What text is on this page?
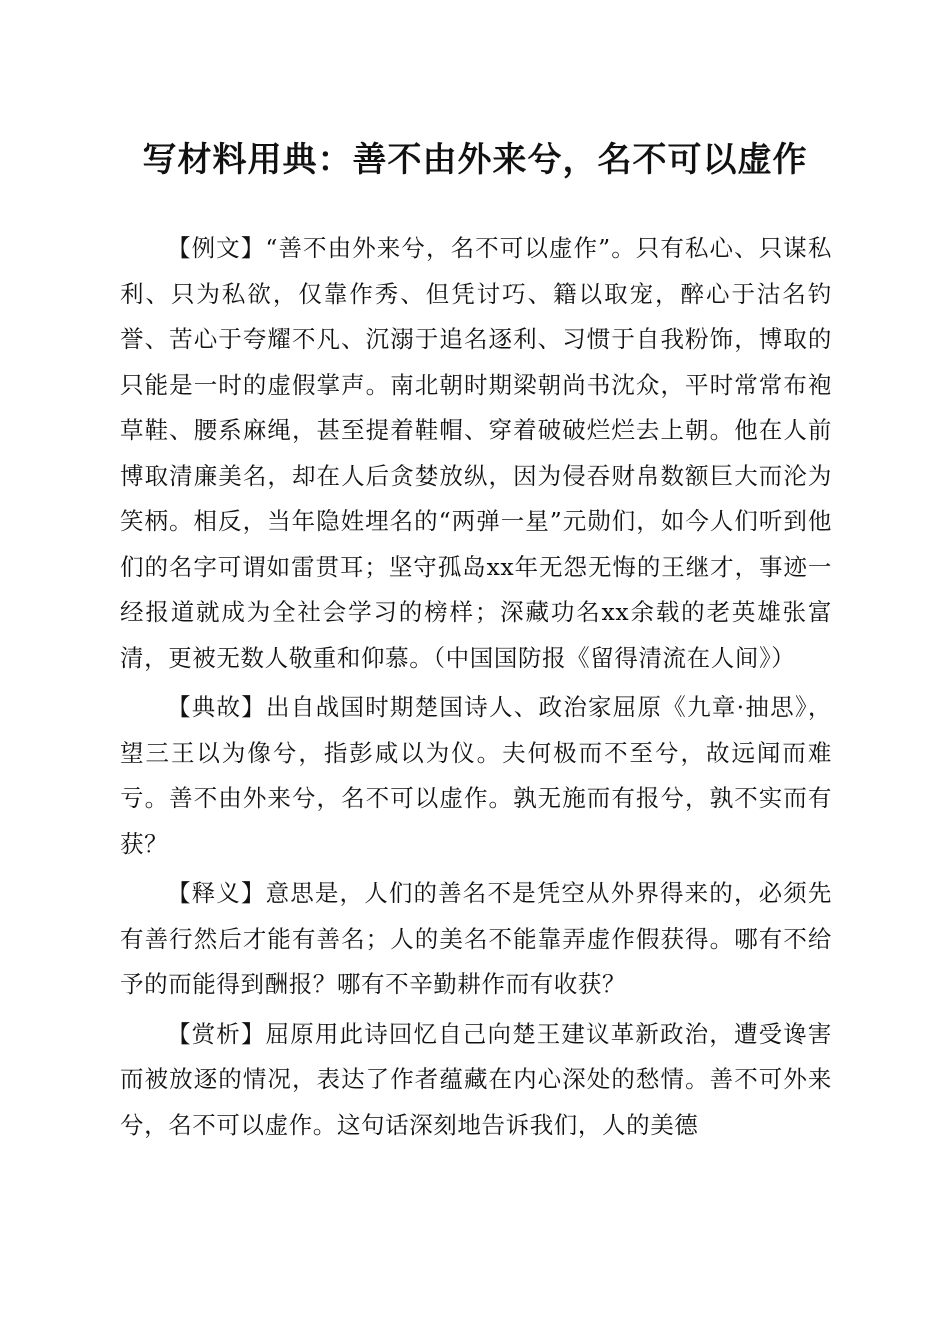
写材料用典：善不由外来兮，名不可以虚作

【例文】“善不由外来兮，名不可以虚作”。只有私心、只谋私利、只为私欲，仅靠作秀、但凭讨巧、籍以取宠，醉心于沽名钓誉、苦心于夸耀不凡、沉溺于追名逐利、习惯于自我粉饰，博取的只能是一时的虚假掌声。南北朝时期梁朝尚书沈众，平时常常布袍草鞋、腰系麻绳，甚至提着鞋帽、穿着破破烂烂去上朝。他在人前博取清廉美名，却在人后贪婪放纵，因为侵吞财帛数额巨大而沦为笑柄。相反，当年隐姓埋名的“两弹一星”元勋们，如今人们听到他们的名字可谓如雷贯耳；坚守孤岛xx年无怨无悔的王继才，事迹一经报道就成为全社会学习的榜样；深藏功名xx余载的老英雄张富清，更被无数人敬重和仰慕。（中国国防报《留得清流在人间》）

【典故】出自战国时期楚国诗人、政治家屈原《九章·抽思》，望三王以为像兮，指彭咸以为仪。夫何极而不至兮，故远闻而难亏。善不由外来兮，名不可以虚作。孰无施而有报兮，孰不实而有获？

【释义】意思是，人们的善名不是凭空从外界得来的，必须先有善行然后才能有善名；人的美名不能靠弄虚作假获得。哪有不给予的而能得到酬报？哪有不辛勤耕作而有收获？

【赏析】屈原用此诗回忆自己向楚王建议革新政治，遭受谗害而被放逐的情况，表达了作者蕴藏在内心深处的愁情。善不可外来兮，名不可以虚作。这句话深刻地告诉我们，人的美德
